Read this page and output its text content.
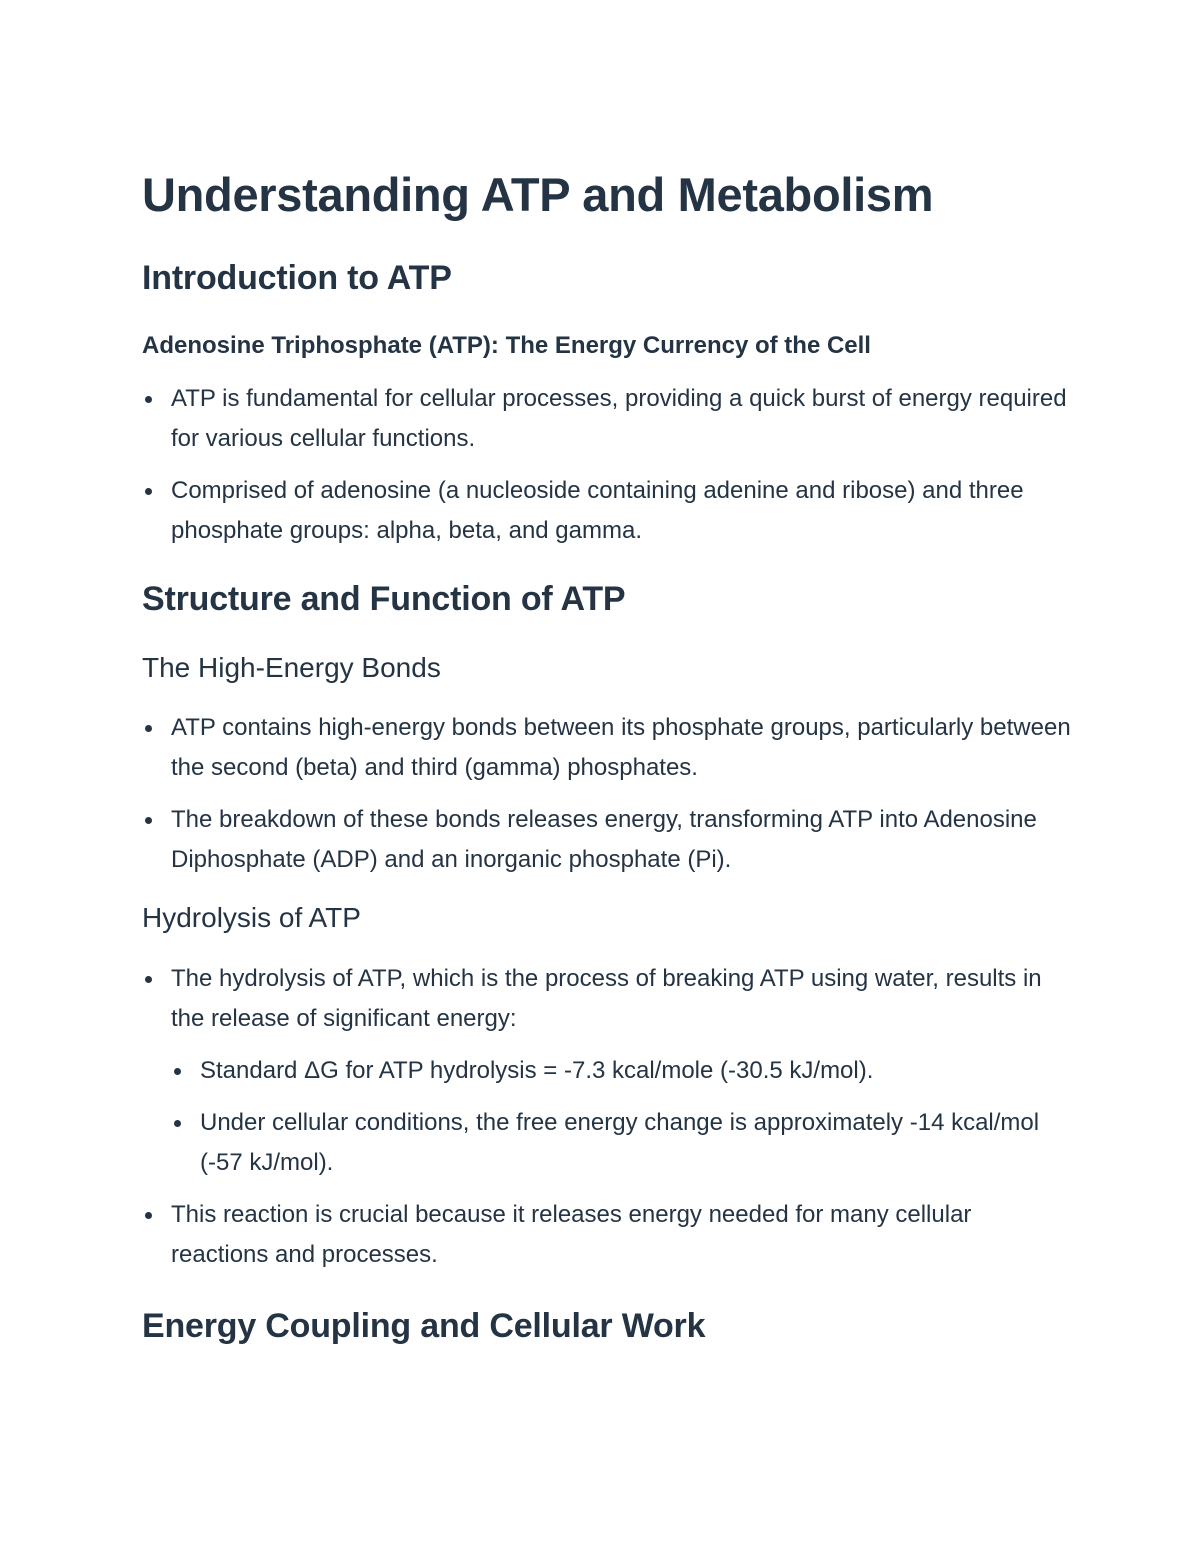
Understanding ATP and Metabolism
Introduction to ATP
Adenosine Triphosphate (ATP): The Energy Currency of the Cell
ATP is fundamental for cellular processes, providing a quick burst of energy required for various cellular functions.
Comprised of adenosine (a nucleoside containing adenine and ribose) and three phosphate groups: alpha, beta, and gamma.
Structure and Function of ATP
The High-Energy Bonds
ATP contains high-energy bonds between its phosphate groups, particularly between the second (beta) and third (gamma) phosphates.
The breakdown of these bonds releases energy, transforming ATP into Adenosine Diphosphate (ADP) and an inorganic phosphate (Pi).
Hydrolysis of ATP
The hydrolysis of ATP, which is the process of breaking ATP using water, results in the release of significant energy:
Standard ΔG for ATP hydrolysis = -7.3 kcal/mole (-30.5 kJ/mol).
Under cellular conditions, the free energy change is approximately -14 kcal/mol (-57 kJ/mol).
This reaction is crucial because it releases energy needed for many cellular reactions and processes.
Energy Coupling and Cellular Work
